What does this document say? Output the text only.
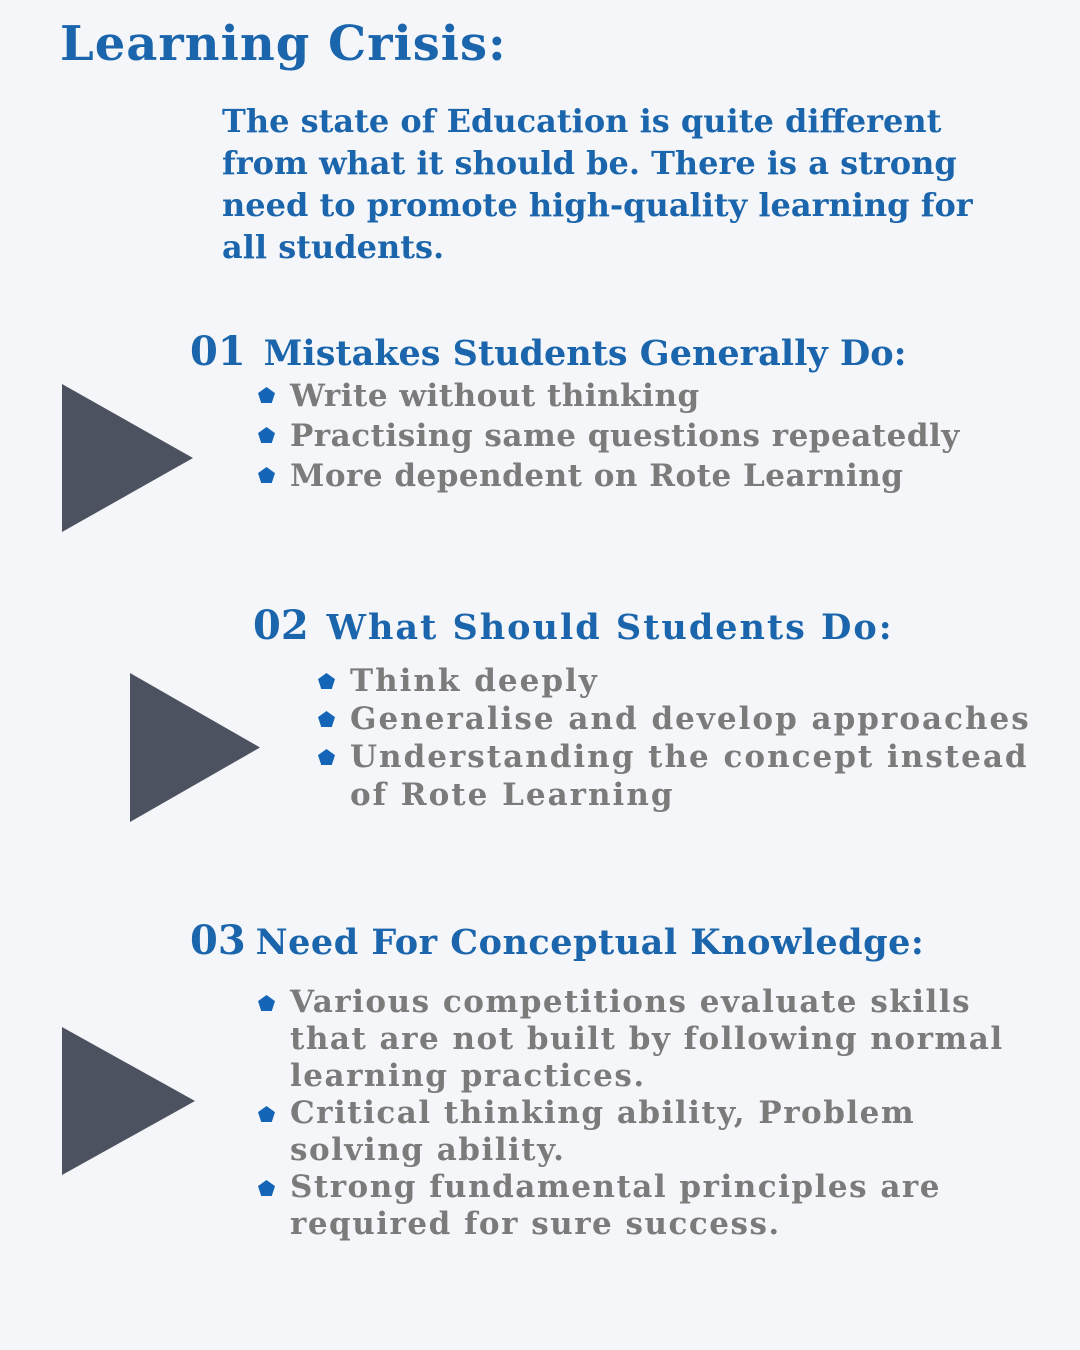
Learning Crisis:
The state of Education is quite different from what it should be. There is a strong need to promote high-quality learning for all students.
01 Mistakes Students Generally Do:
Write without thinking
Practising same questions repeatedly
More dependent on Rote Learning
02 What Should Students Do:
Think deeply
Generalise and develop approaches
Understanding the concept instead of Rote Learning
03 Need For Conceptual Knowledge:
Various competitions evaluate skills that are not built by following normal learning practices.
Critical thinking ability, Problem solving ability.
Strong fundamental principles are required for sure success.
